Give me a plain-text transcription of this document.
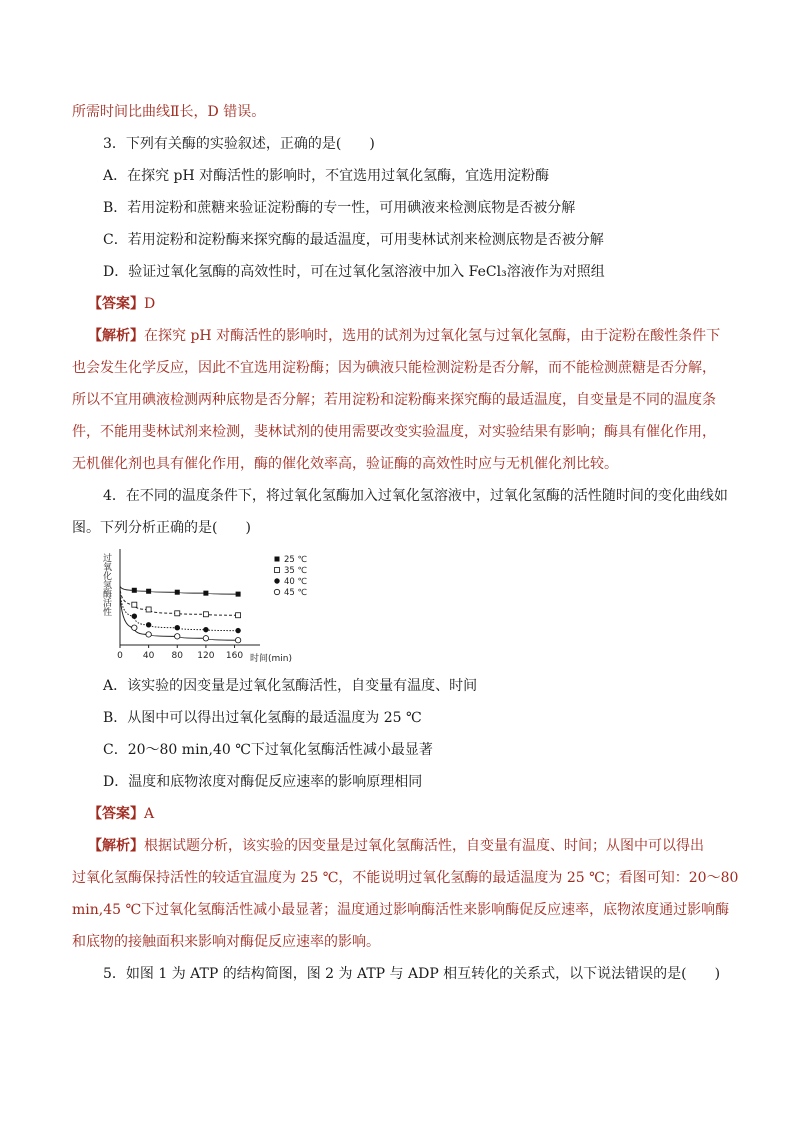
所需时间比曲线Ⅱ长，D 错误。
3．下列有关酶的实验叙述，正确的是(　　)
A．在探究 pH 对酶活性的影响时，不宜选用过氧化氢酶，宜选用淀粉酶
B．若用淀粉和蔗糖来验证淀粉酶的专一性，可用碘液来检测底物是否被分解
C．若用淀粉和淀粉酶来探究酶的最适温度，可用斐林试剂来检测底物是否被分解
D．验证过氧化氢酶的高效性时，可在过氧化氢溶液中加入 FeCl₃溶液作为对照组
【答案】D
【解析】在探究 pH 对酶活性的影响时，选用的试剂为过氧化氢与过氧化氢酶，由于淀粉在酸性条件下
也会发生化学反应，因此不宜选用淀粉酶；因为碘液只能检测淀粉是否分解，而不能检测蔗糖是否分解，
所以不宜用碘液检测两种底物是否分解；若用淀粉和淀粉酶来探究酶的最适温度，自变量是不同的温度条
件，不能用斐林试剂来检测，斐林试剂的使用需要改变实验温度，对实验结果有影响；酶具有催化作用，
无机催化剂也具有催化作用，酶的催化效率高，验证酶的高效性时应与无机催化剂比较。
4．在不同的温度条件下，将过氧化氢酶加入过氧化氢溶液中，过氧化氢酶的活性随时间的变化曲线如
图。下列分析正确的是(　　)
过氧化氢酶活性
0 40 80 120 160 时间(min)
25 ℃
35 ℃
40 ℃
45 ℃
A．该实验的因变量是过氧化氢酶活性，自变量有温度、时间
B．从图中可以得出过氧化氢酶的最适温度为 25 ℃
C．20～80 min,40 ℃下过氧化氢酶活性减小最显著
D．温度和底物浓度对酶促反应速率的影响原理相同
【答案】A
【解析】根据试题分析，该实验的因变量是过氧化氢酶活性，自变量有温度、时间；从图中可以得出
过氧化氢酶保持活性的较适宜温度为 25 ℃，不能说明过氧化氢酶的最适温度为 25 ℃；看图可知：20～80
min,45 ℃下过氧化氢酶活性减小最显著；温度通过影响酶活性来影响酶促反应速率，底物浓度通过影响酶
和底物的接触面积来影响对酶促反应速率的影响。
5．如图 1 为 ATP 的结构简图，图 2 为 ATP 与 ADP 相互转化的关系式，以下说法错误的是(　　)
